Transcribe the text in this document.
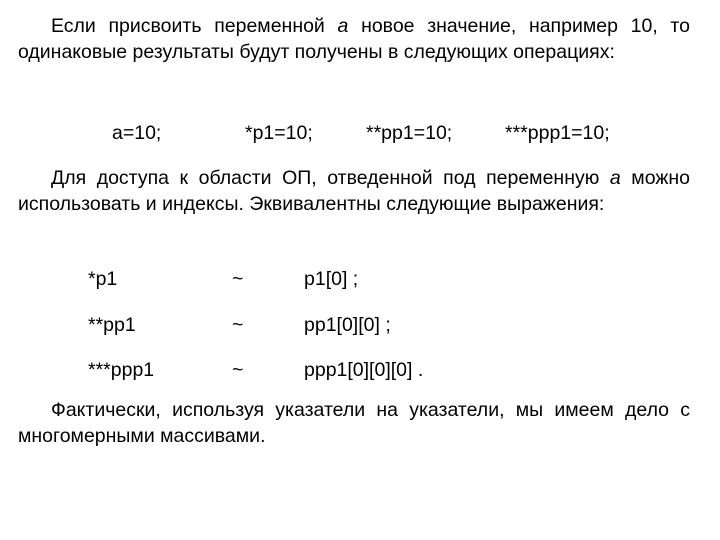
Если присвоить переменной a новое значение, например 10, то одинаковые результаты будут получены в следующих операциях:

a=10;	*p1=10;	**pp1=10;	***ppp1=10;

Для доступа к области ОП, отведенной под переменную a можно использовать и индексы. Эквивалентны следующие выражения:

*p1	~	p1[0] ;
**pp1	~	pp1[0][0] ;
***ppp1	~	ppp1[0][0][0] .

Фактически, используя указатели на указатели, мы имеем дело с многомерными массивами.
